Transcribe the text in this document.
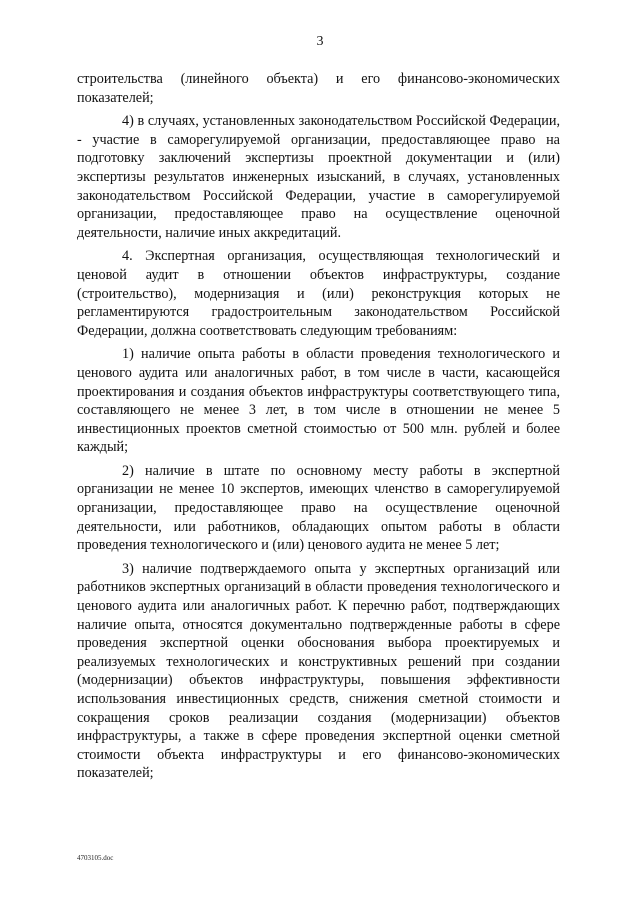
3

строительства (линейного объекта) и его финансово-экономических показателей;

4) в случаях, установленных законодательством Российской Федерации, - участие в саморегулируемой организации, предоставляющее право на подготовку заключений экспертизы проектной документации и (или) экспертизы результатов инженерных изысканий, в случаях, установленных законодательством Российской Федерации, участие в саморегулируемой организации, предоставляющее право на осуществление оценочной деятельности, наличие иных аккредитаций.

4. Экспертная организация, осуществляющая технологический и ценовой аудит в отношении объектов инфраструктуры, создание (строительство), модернизация и (или) реконструкция которых не регламентируются градостроительным законодательством Российской Федерации, должна соответствовать следующим требованиям:

1) наличие опыта работы в области проведения технологического и ценового аудита или аналогичных работ, в том числе в части, касающейся проектирования и создания объектов инфраструктуры соответствующего типа, составляющего не менее 3 лет, в том числе в отношении не менее 5 инвестиционных проектов сметной стоимостью от 500 млн. рублей и более каждый;

2) наличие в штате по основному месту работы в экспертной организации не менее 10 экспертов, имеющих членство в саморегулируемой организации, предоставляющее право на осуществление оценочной деятельности, или работников, обладающих опытом работы в области проведения технологического и (или) ценового аудита не менее 5 лет;

3) наличие подтверждаемого опыта у экспертных организаций или работников экспертных организаций в области проведения технологического и ценового аудита или аналогичных работ. К перечню работ, подтверждающих наличие опыта, относятся документально подтвержденные работы в сфере проведения экспертной оценки обоснования выбора проектируемых и реализуемых технологических и конструктивных решений при создании (модернизации) объектов инфраструктуры, повышения эффективности использования инвестиционных средств, снижения сметной стоимости и сокращения сроков реализации создания (модернизации) объектов инфраструктуры, а также в сфере проведения экспертной оценки сметной стоимости объекта инфраструктуры и его финансово-экономических показателей;

4703105.doc
